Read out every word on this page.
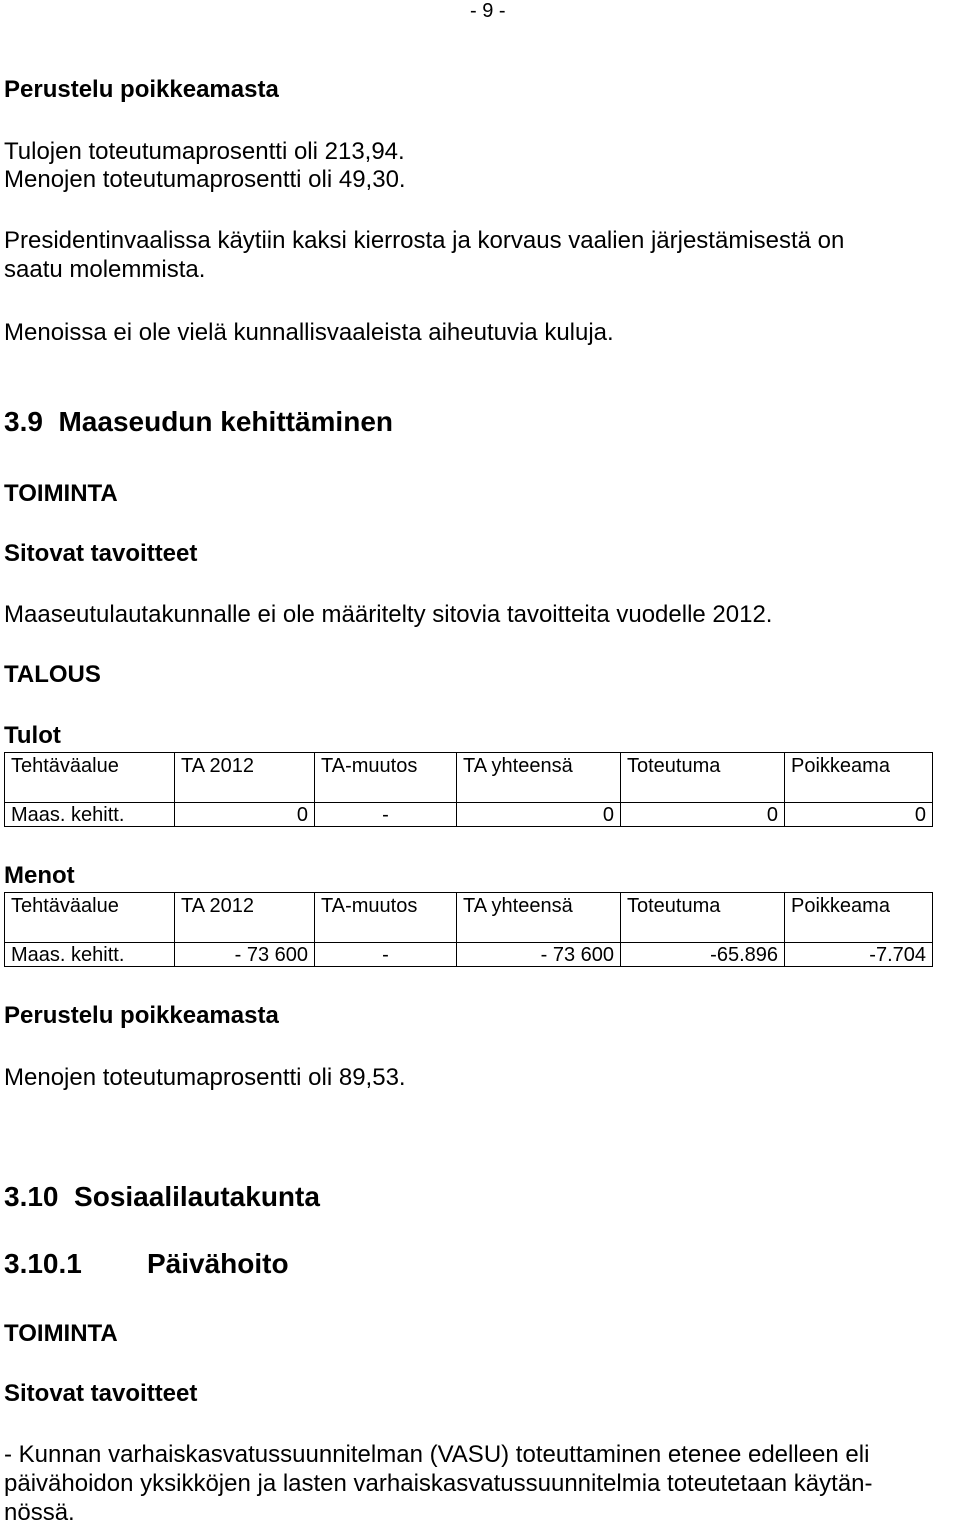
- 9 -
Perustelu poikkeamasta
Tulojen toteutumaprosentti oli 213,94.
Menojen toteutumaprosentti oli 49,30.
Presidentinvaalissa käytiin kaksi kierrosta ja korvaus vaalien järjestämisestä on
saatu molemmista.
Menoissa ei ole vielä kunnallisvaaleista aiheutuvia kuluja.
3.9  Maaseudun kehittäminen
TOIMINTA
Sitovat tavoitteet
Maaseutulautakunnalle ei ole määritelty sitovia tavoitteita vuodelle 2012.
TALOUS
Tulot
Tehtäväalue	TA 2012	TA-muutos	TA yhteensä	Toteutuma	Poikkeama
Maas. kehitt.	0	-	0	0	0
Menot
Tehtäväalue	TA 2012	TA-muutos	TA yhteensä	Toteutuma	Poikkeama
Maas. kehitt.	- 73 600	-	- 73 600	-65.896	-7.704
Perustelu poikkeamasta
Menojen toteutumaprosentti oli 89,53.
3.10  Sosiaalilautakunta
3.10.1 Päivähoito
TOIMINTA
Sitovat tavoitteet
- Kunnan varhaiskasvatussuunnitelman (VASU) toteuttaminen etenee edelleen eli
päivähoidon yksikköjen ja lasten varhaiskasvatussuunnitelmia toteutetaan käytän-
nössä.
